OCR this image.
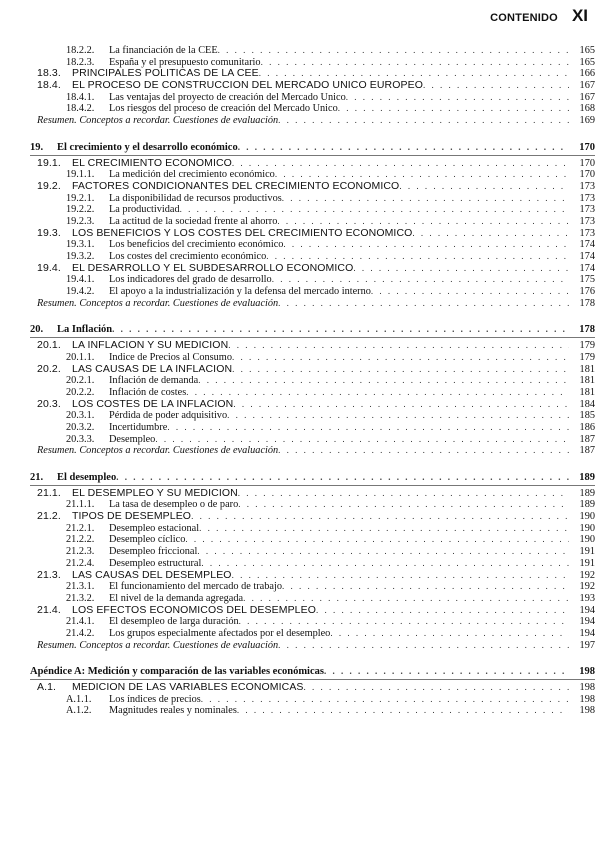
CONTENIDO XI
18.2.2.	La financiación de la CEE . . .	165
18.2.3.	España y el presupuesto comunitario . . .	165
18.3.	PRINCIPALES POLITICAS DE LA CEE . . .	166
18.4.	EL PROCESO DE CONSTRUCCION DEL MERCADO UNICO EUROPEO . . .	167
18.4.1.	Las ventajas del proyecto de creación del Mercado Unico . . .	167
18.4.2.	Los riesgos del proceso de creación del Mercado Unico . . .	168
Resumen. Conceptos a recordar. Cuestiones de evaluación . . .	169
19.	El crecimiento y el desarrollo económico . . .	170
19.1.	EL CRECIMIENTO ECONOMICO . . .	170
19.1.1.	La medición del crecimiento económico . . .	170
19.2.	FACTORES CONDICIONANTES DEL CRECIMIENTO ECONOMICO . . .	173
19.2.1.	La disponibilidad de recursos productivos . . .	173
19.2.2.	La productividad . . .	173
19.2.3.	La actitud de la sociedad frente al ahorro . . .	173
19.3.	LOS BENEFICIOS Y LOS COSTES DEL CRECIMIENTO ECONOMICO . . .	173
19.3.1.	Los beneficios del crecimiento económico . . .	174
19.3.2.	Los costes del crecimiento económico . . .	174
19.4.	EL DESARROLLO Y EL SUBDESARROLLO ECONOMICO . . .	174
19.4.1.	Los indicadores del grado de desarrollo . . .	175
19.4.2.	El apoyo a la industrialización y la defensa del mercado interno . . .	176
Resumen. Conceptos a recordar. Cuestiones de evaluación . . .	178
20.	La Inflación . . .	178
20.1.	LA INFLACION Y SU MEDICION . . .	179
20.1.1.	Indice de Precios al Consumo . . .	179
20.2.	LAS CAUSAS DE LA INFLACION . . .	181
20.2.1.	Inflación de demanda . . .	181
20.2.2.	Inflación de costes . . .	181
20.3.	LOS COSTES DE LA INFLACION . . .	184
20.3.1.	Pérdida de poder adquisitivo . . .	185
20.3.2.	Incertidumbre . . .	186
20.3.3.	Desempleo . . .	187
Resumen. Conceptos a recordar. Cuestiones de evaluación . . .	187
21.	El desempleo . . .	189
21.1.	EL DESEMPLEO Y SU MEDICION . . .	189
21.1.1.	La tasa de desempleo o de paro . . .	189
21.2.	TIPOS DE DESEMPLEO . . .	190
21.2.1.	Desempleo estacional . . .	190
21.2.2.	Desempleo cíclico . . .	190
21.2.3.	Desempleo friccional . . .	191
21.2.4.	Desempleo estructural . . .	191
21.3.	LAS CAUSAS DEL DESEMPLEO . . .	192
21.3.1.	El funcionamiento del mercado de trabajo . . .	192
21.3.2.	El nivel de la demanda agregada . . .	193
21.4.	LOS EFECTOS ECONOMICOS DEL DESEMPLEO . . .	194
21.4.1.	El desempleo de larga duración . . .	194
21.4.2.	Los grupos especialmente afectados por el desempleo . . .	194
Resumen. Conceptos a recordar. Cuestiones de evaluación . . .	197
Apéndice A: Medición y comparación de las variables económicas . . .	198
A.1.	MEDICION DE LAS VARIABLES ECONOMICAS . . .	198
A.1.1.	Los índices de precios . . .	198
A.1.2.	Magnitudes reales y nominales . . .	198
